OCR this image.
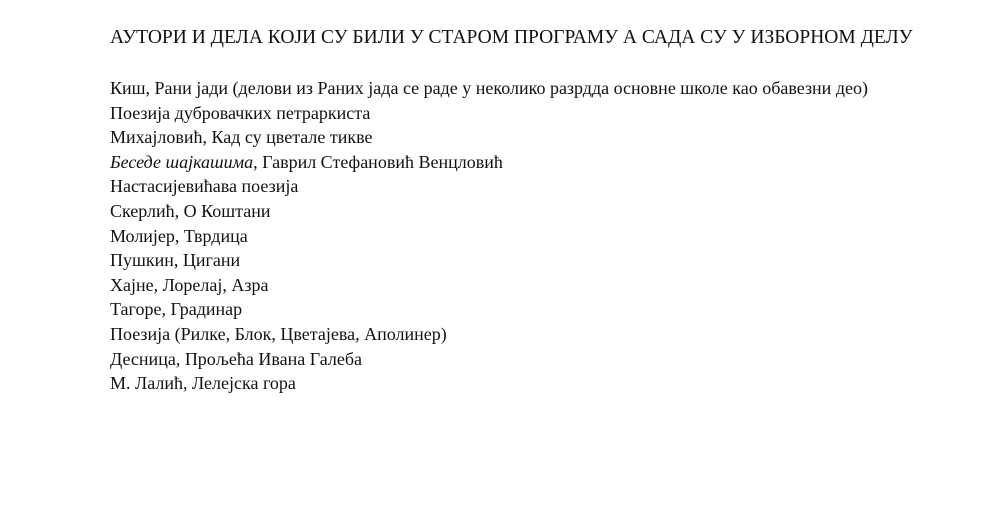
АУТОРИ И ДЕЛА КОЈИ СУ БИЛИ У СТАРОМ ПРОГРАМУ А САДА СУ У ИЗБОРНОМ ДЕЛУ
Киш, Рани јади (делови из Раних јада се раде у неколико разрдда основне школе као обавезни део)
Поезија дубровачких петраркиста
Михајловић, Кад су цветале тикве
Беседе шајкашима, Гаврил Стефановић Венцловић
Настасијевићава поезија
Скерлић, О Коштани
Молијер, Тврдица
Пушкин, Цигани
Хајне, Лорелај, Азра
Тагоре, Градинар
Поезија (Рилке, Блок, Цветајева, Аполинер)
Десница, Прољећа Ивана Галеба
М. Лалић, Лелејска гора
